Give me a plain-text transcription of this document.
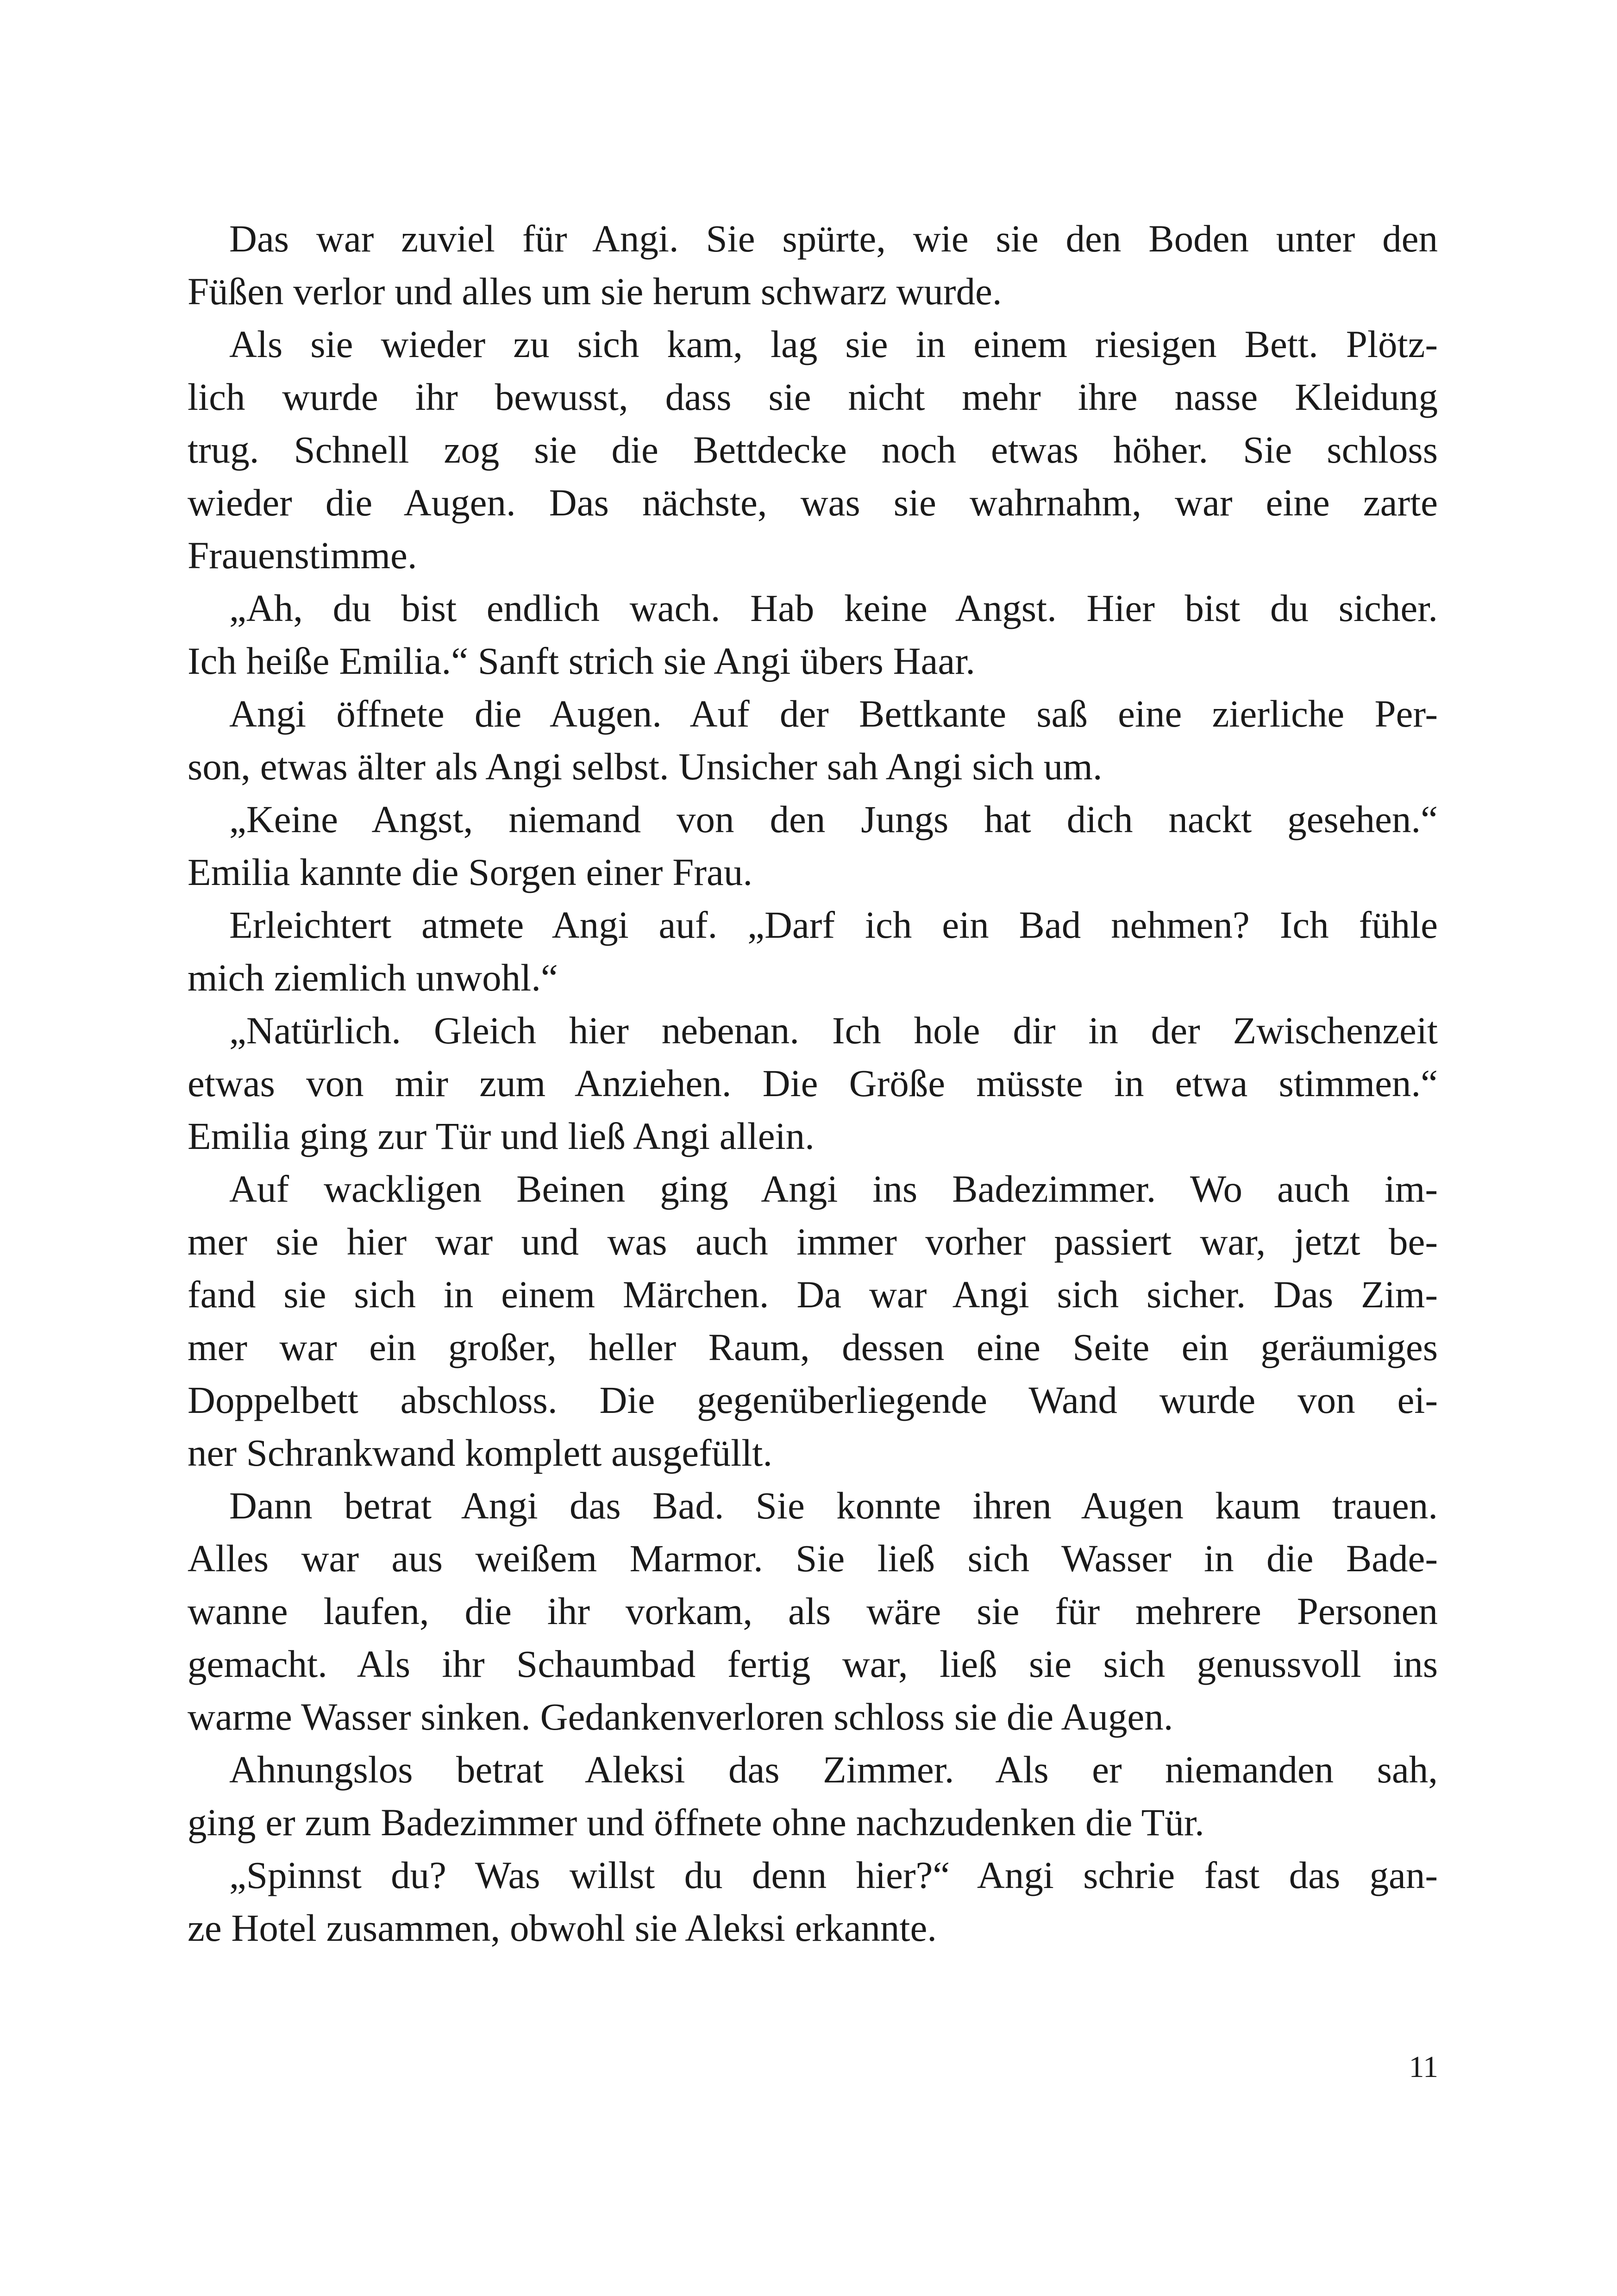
Das war zuviel für Angi. Sie spürte, wie sie den Boden unter den
Füßen verlor und alles um sie herum schwarz wurde.
Als sie wieder zu sich kam, lag sie in einem riesigen Bett. Plötz-
lich wurde ihr bewusst, dass sie nicht mehr ihre nasse Kleidung
trug. Schnell zog sie die Bettdecke noch etwas höher. Sie schloss
wieder die Augen. Das nächste, was sie wahrnahm, war eine zarte
Frauenstimme.
„Ah, du bist endlich wach. Hab keine Angst. Hier bist du sicher.
Ich heiße Emilia.“ Sanft strich sie Angi übers Haar.
Angi öffnete die Augen. Auf der Bettkante saß eine zierliche Per-
son, etwas älter als Angi selbst. Unsicher sah Angi sich um.
„Keine Angst, niemand von den Jungs hat dich nackt gesehen.“
Emilia kannte die Sorgen einer Frau.
Erleichtert atmete Angi auf. „Darf ich ein Bad nehmen? Ich fühle
mich ziemlich unwohl.“
„Natürlich. Gleich hier nebenan. Ich hole dir in der Zwischenzeit
etwas von mir zum Anziehen. Die Größe müsste in etwa stimmen.“
Emilia ging zur Tür und ließ Angi allein.
Auf wackligen Beinen ging Angi ins Badezimmer. Wo auch im-
mer sie hier war und was auch immer vorher passiert war, jetzt be-
fand sie sich in einem Märchen. Da war Angi sich sicher. Das Zim-
mer war ein großer, heller Raum, dessen eine Seite ein geräumiges
Doppelbett abschloss. Die gegenüberliegende Wand wurde von ei-
ner Schrankwand komplett ausgefüllt.
Dann betrat Angi das Bad. Sie konnte ihren Augen kaum trauen.
Alles war aus weißem Marmor. Sie ließ sich Wasser in die Bade-
wanne laufen, die ihr vorkam, als wäre sie für mehrere Personen
gemacht. Als ihr Schaumbad fertig war, ließ sie sich genussvoll ins
warme Wasser sinken. Gedankenverloren schloss sie die Augen.
Ahnungslos betrat Aleksi das Zimmer. Als er niemanden sah,
ging er zum Badezimmer und öffnete ohne nachzudenken die Tür.
„Spinnst du? Was willst du denn hier?“ Angi schrie fast das gan-
ze Hotel zusammen, obwohl sie Aleksi erkannte.
11
